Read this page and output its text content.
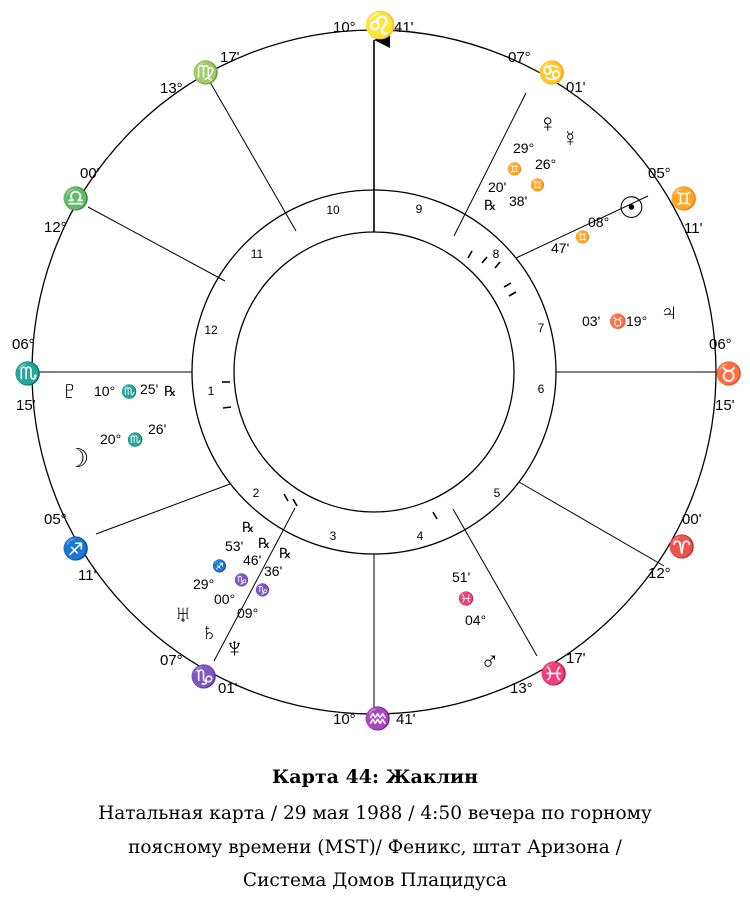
1
2
3	4
5
6
7
8
9
10
11
12
10° ♌
41'
07°
♋
01'
05°
♊
11'
06°
♉
15'
00'
♈
12°
17'
♓
13°
10° ♒ 41'
07°
♑ 01'
05°
♐
11'
06°
♏
15'
00'
♎
12°
13°
♍
17'
♀
☿
29°
♊ 26°
♊
20'
℞ 38'	☉
08°
♊
47'
03' ♉ 19° ♃
♇ 10° ♏ 25' ℞
☽
20° ♏
26'
℞
53' ℞
♐ 46' ℞
29° ♑
36'
00°
♑
09°
♅
♄ ♆
51'
♓
04°
♂
Карта 44: Жаклин
Натальная карта / 29 мая 1988 / 4:50 вечера по горному
поясному времени (MST)/ Феникс, штат Аризона /
Система Домов Плацидуса
